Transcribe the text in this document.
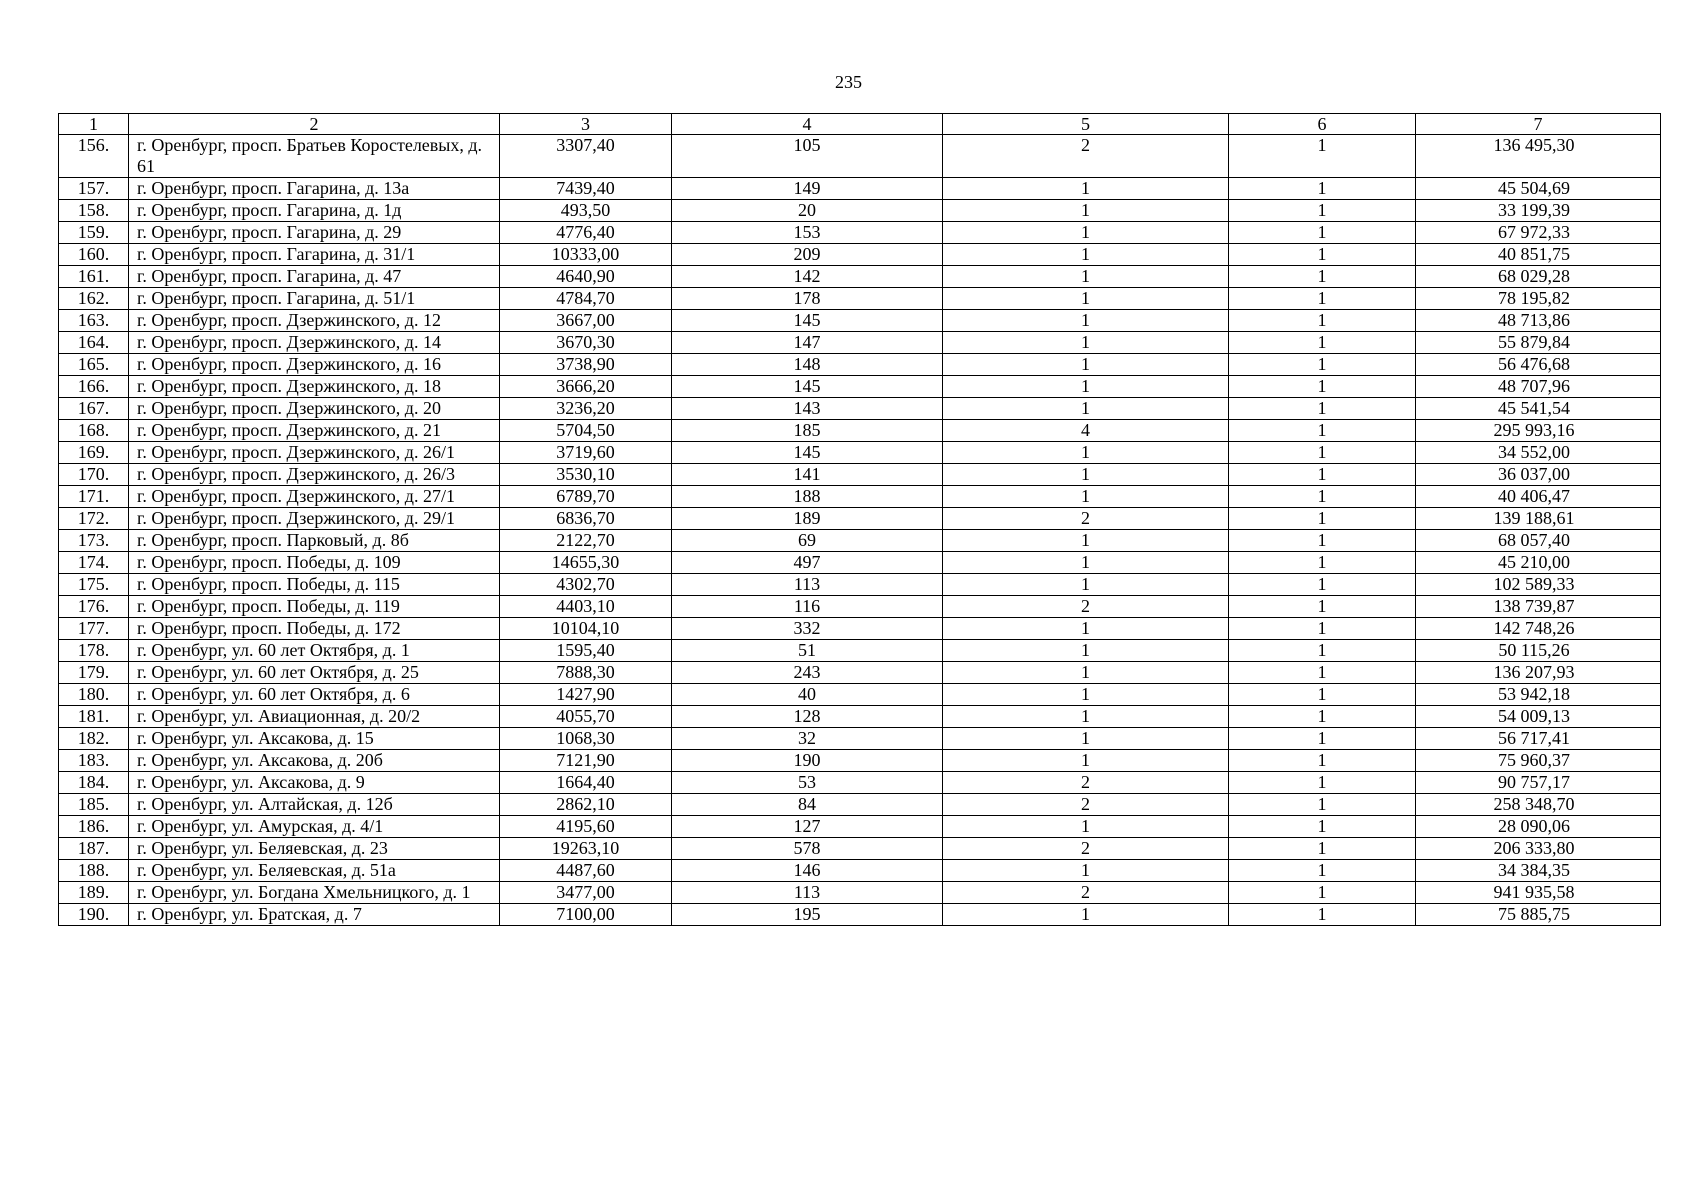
235
1	2	3	4	5	6	7
156.	г. Оренбург, просп. Братьев Коростелевых, д. 61	3307,40	105	2	1	136 495,30
157.	г. Оренбург, просп. Гагарина, д. 13а	7439,40	149	1	1	45 504,69
158.	г. Оренбург, просп. Гагарина, д. 1д	493,50	20	1	1	33 199,39
159.	г. Оренбург, просп. Гагарина, д. 29	4776,40	153	1	1	67 972,33
160.	г. Оренбург, просп. Гагарина, д. 31/1	10333,00	209	1	1	40 851,75
161.	г. Оренбург, просп. Гагарина, д. 47	4640,90	142	1	1	68 029,28
162.	г. Оренбург, просп. Гагарина, д. 51/1	4784,70	178	1	1	78 195,82
163.	г. Оренбург, просп. Дзержинского, д. 12	3667,00	145	1	1	48 713,86
164.	г. Оренбург, просп. Дзержинского, д. 14	3670,30	147	1	1	55 879,84
165.	г. Оренбург, просп. Дзержинского, д. 16	3738,90	148	1	1	56 476,68
166.	г. Оренбург, просп. Дзержинского, д. 18	3666,20	145	1	1	48 707,96
167.	г. Оренбург, просп. Дзержинского, д. 20	3236,20	143	1	1	45 541,54
168.	г. Оренбург, просп. Дзержинского, д. 21	5704,50	185	4	1	295 993,16
169.	г. Оренбург, просп. Дзержинского, д. 26/1	3719,60	145	1	1	34 552,00
170.	г. Оренбург, просп. Дзержинского, д. 26/3	3530,10	141	1	1	36 037,00
171.	г. Оренбург, просп. Дзержинского, д. 27/1	6789,70	188	1	1	40 406,47
172.	г. Оренбург, просп. Дзержинского, д. 29/1	6836,70	189	2	1	139 188,61
173.	г. Оренбург, просп. Парковый, д. 8б	2122,70	69	1	1	68 057,40
174.	г. Оренбург, просп. Победы, д. 109	14655,30	497	1	1	45 210,00
175.	г. Оренбург, просп. Победы, д. 115	4302,70	113	1	1	102 589,33
176.	г. Оренбург, просп. Победы, д. 119	4403,10	116	2	1	138 739,87
177.	г. Оренбург, просп. Победы, д. 172	10104,10	332	1	1	142 748,26
178.	г. Оренбург, ул. 60 лет Октября, д. 1	1595,40	51	1	1	50 115,26
179.	г. Оренбург, ул. 60 лет Октября, д. 25	7888,30	243	1	1	136 207,93
180.	г. Оренбург, ул. 60 лет Октября, д. 6	1427,90	40	1	1	53 942,18
181.	г. Оренбург, ул. Авиационная, д. 20/2	4055,70	128	1	1	54 009,13
182.	г. Оренбург, ул. Аксакова, д. 15	1068,30	32	1	1	56 717,41
183.	г. Оренбург, ул. Аксакова, д. 20б	7121,90	190	1	1	75 960,37
184.	г. Оренбург, ул. Аксакова, д. 9	1664,40	53	2	1	90 757,17
185.	г. Оренбург, ул. Алтайская, д. 12б	2862,10	84	2	1	258 348,70
186.	г. Оренбург, ул. Амурская, д. 4/1	4195,60	127	1	1	28 090,06
187.	г. Оренбург, ул. Беляевская, д. 23	19263,10	578	2	1	206 333,80
188.	г. Оренбург, ул. Беляевская, д. 51а	4487,60	146	1	1	34 384,35
189.	г. Оренбург, ул. Богдана Хмельницкого, д. 1	3477,00	113	2	1	941 935,58
190.	г. Оренбург, ул. Братская, д. 7	7100,00	195	1	1	75 885,75
